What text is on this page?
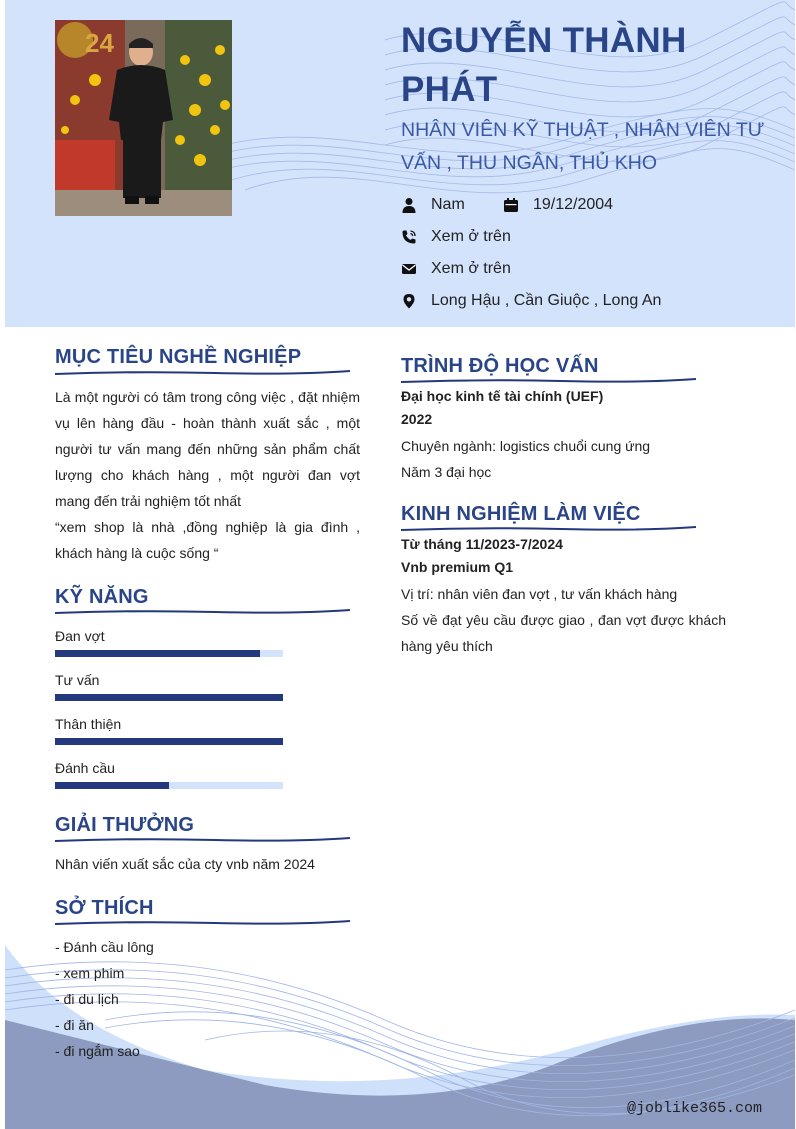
24	NGUYỄN THÀNH PHÁT

NHÂN VIÊN KỸ THUẬT , NHÂN VIÊN TƯ VẤN , THU NGÂN, THỦ KHO

Nam	19/12/2004
Xem ở trên
Xem ở trên
Long Hậu , Cần Giuộc , Long An
MỤC TIÊU NGHỀ NGHIỆP

Là một người có tâm trong công việc , đặt nhiệm vụ lên hàng đầu - hoàn thành xuất sắc , một người tư vấn mang đến những sản phẩm chất lượng cho khách hàng , một người đan vợt mang đến trải nghiệm tốt nhất

“xem shop là nhà ,đồng nghiệp là gia đình , khách hàng là cuộc sống “

KỸ NĂNG
Đan vợt
Tư vấn
Thân thiện
Đánh cầu
GIẢI THƯỞNG

Nhân viến xuất sắc của cty vnb năm 2024

SỞ THÍCH

- Đánh cầu lông

- xem phim

- đi du lịch

- đi ăn

- đi ngắm sao

TRÌNH ĐỘ HỌC VẤN

Đại học kinh tế tài chính (UEF)

2022

Chuyên ngành: logistics chuổi cung ứng

Năm 3 đại học

KINH NGHIỆM LÀM VIỆC

Từ tháng 11/2023-7/2024

Vnb premium Q1

Vị trí: nhân viên đan vợt , tư vấn khách hàng

Số về đạt yêu cầu được giao , đan vợt được khách hàng yêu thích

@joblike365.com
